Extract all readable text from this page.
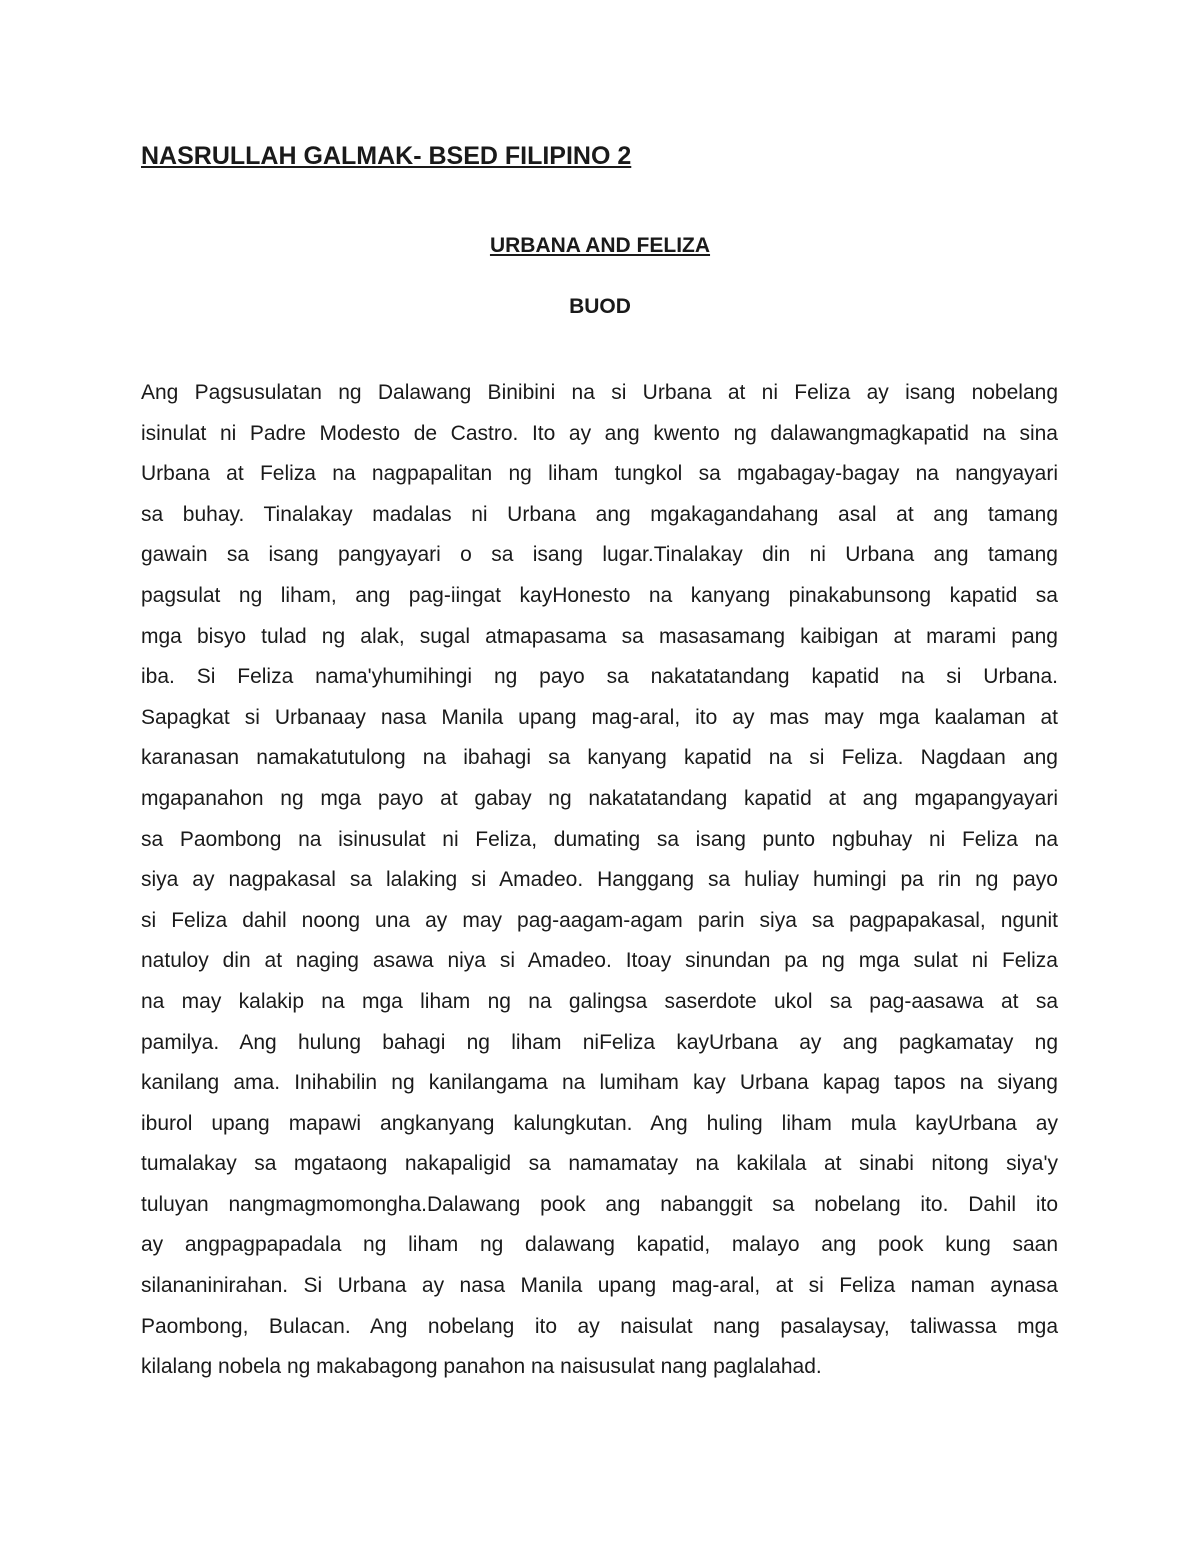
NASRULLAH GALMAK- BSED FILIPINO 2
URBANA AND FELIZA
BUOD
Ang Pagsusulatan ng Dalawang Binibini na si Urbana at ni Feliza ay isang nobelang
isinulat ni Padre Modesto de Castro. Ito ay ang kwento ng dalawangmagkapatid na sina
Urbana at Feliza na nagpapalitan ng liham tungkol sa mgabagay-bagay na nangyayari
sa buhay. Tinalakay madalas ni Urbana ang mgakagandahang asal at ang tamang
gawain sa isang pangyayari o sa isang lugar.Tinalakay din ni Urbana ang tamang
pagsulat ng liham, ang pag-iingat kayHonesto na kanyang pinakabunsong kapatid sa
mga bisyo tulad ng alak, sugal atmapasama sa masasamang kaibigan at marami pang
iba. Si Feliza nama'yhumihingi ng payo sa nakatatandang kapatid na si Urbana.
Sapagkat si Urbanaay nasa Manila upang mag-aral, ito ay mas may mga kaalaman at
karanasan namakatutulong na ibahagi sa kanyang kapatid na si Feliza. Nagdaan ang
mgapanahon ng mga payo at gabay ng nakatatandang kapatid at ang mgapangyayari
sa Paombong na isinusulat ni Feliza, dumating sa isang punto ngbuhay ni Feliza na
siya ay nagpakasal sa lalaking si Amadeo. Hanggang sa huliay humingi pa rin ng payo
si Feliza dahil noong una ay may pag-aagam-agam parin siya sa pagpapakasal, ngunit
natuloy din at naging asawa niya si Amadeo. Itoay sinundan pa ng mga sulat ni Feliza
na may kalakip na mga liham ng na galingsa saserdote ukol sa pag-aasawa at sa
pamilya. Ang hulung bahagi ng liham niFeliza kayUrbana ay ang pagkamatay ng
kanilang ama. Inihabilin ng kanilangama na lumiham kay Urbana kapag tapos na siyang
iburol upang mapawi angkanyang kalungkutan. Ang huling liham mula kayUrbana ay
tumalakay sa mgataong nakapaligid sa namamatay na kakilala at sinabi nitong siya'y
tuluyan nangmagmomongha.Dalawang pook ang nabanggit sa nobelang ito. Dahil ito
ay angpagpapadala ng liham ng dalawang kapatid, malayo ang pook kung saan
silananinirahan. Si Urbana ay nasa Manila upang mag-aral, at si Feliza naman aynasa
Paombong, Bulacan. Ang nobelang ito ay naisulat nang pasalaysay, taliwassa mga
kilalang nobela ng makabagong panahon na naisusulat nang paglalahad.
